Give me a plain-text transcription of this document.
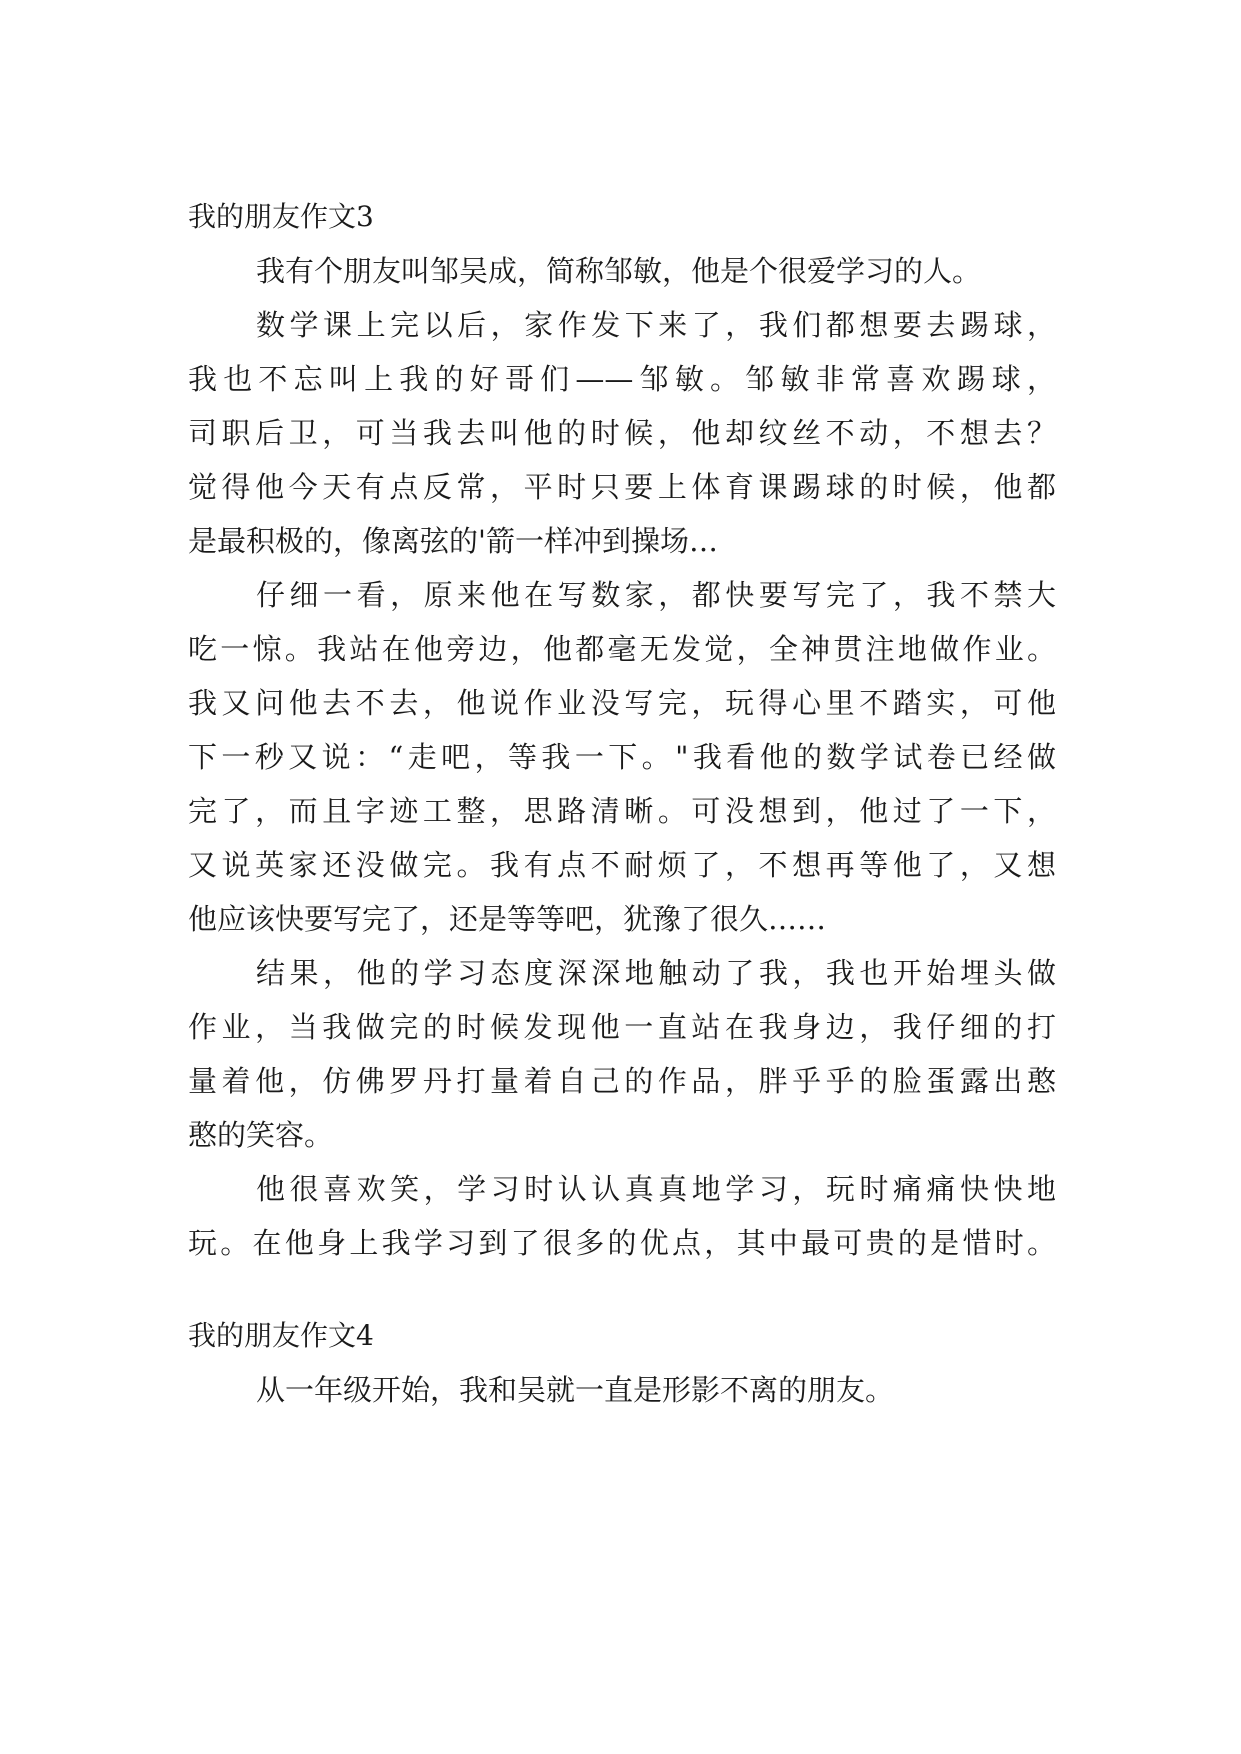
我的朋友作文3
我有个朋友叫邹吴成，简称邹敏，他是个很爱学习的人。
数学课上完以后，家作发下来了，我们都想要去踢球，
我也不忘叫上我的好哥们——邹敏。邹敏非常喜欢踢球，
司职后卫，可当我去叫他的时候，他却纹丝不动，不想去？
觉得他今天有点反常，平时只要上体育课踢球的时候，他都
是最积极的，像离弦的'箭一样冲到操场…
仔细一看，原来他在写数家，都快要写完了，我不禁大
吃一惊。我站在他旁边，他都毫无发觉，全神贯注地做作业。
我又问他去不去，他说作业没写完，玩得心里不踏实，可他
下一秒又说：“走吧，等我一下。"我看他的数学试卷已经做
完了，而且字迹工整，思路清晰。可没想到，他过了一下，
又说英家还没做完。我有点不耐烦了，不想再等他了，又想
他应该快要写完了，还是等等吧，犹豫了很久……
结果，他的学习态度深深地触动了我，我也开始埋头做
作业，当我做完的时候发现他一直站在我身边，我仔细的打
量着他，仿佛罗丹打量着自己的作品，胖乎乎的脸蛋露出憨
憨的笑容。
他很喜欢笑，学习时认认真真地学习，玩时痛痛快快地
玩。在他身上我学习到了很多的优点，其中最可贵的是惜时。
我的朋友作文4
从一年级开始，我和吴就一直是形影不离的朋友。
